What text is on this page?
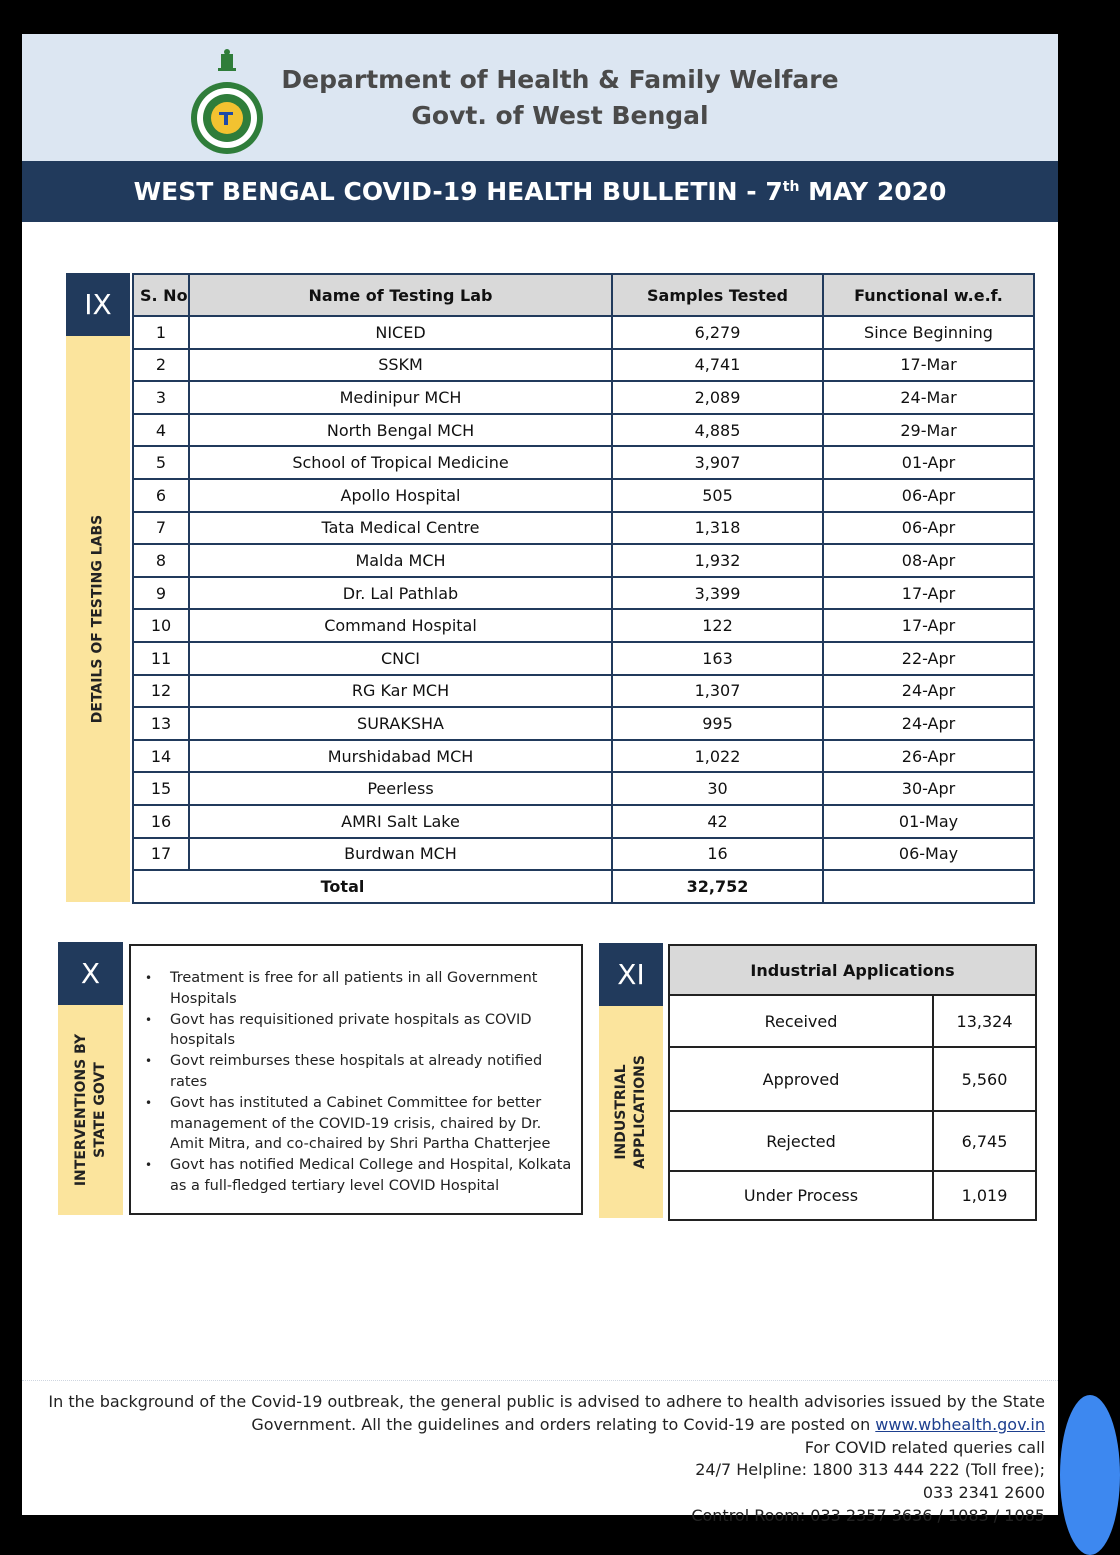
Department of Health & Family Welfare
Govt. of West Bengal
WEST BENGAL COVID-19 HEALTH BULLETIN - 7th MAY 2020
IX
DETAILS OF TESTING LABS
S. No	Name of Testing Lab	Samples Tested	Functional w.e.f.
1	NICED	6,279	Since Beginning
2	SSKM	4,741	17-Mar
3	Medinipur MCH	2,089	24-Mar
4	North Bengal MCH	4,885	29-Mar
5	School of Tropical Medicine	3,907	01-Apr
6	Apollo Hospital	505	06-Apr
7	Tata Medical Centre	1,318	06-Apr
8	Malda MCH	1,932	08-Apr
9	Dr. Lal Pathlab	3,399	17-Apr
10	Command Hospital	122	17-Apr
11	CNCI	163	22-Apr
12	RG Kar MCH	1,307	24-Apr
13	SURAKSHA	995	24-Apr
14	Murshidabad MCH	1,022	26-Apr
15	Peerless	30	30-Apr
16	AMRI Salt Lake	42	01-May
17	Burdwan MCH	16	06-May
Total		32,752	
X
INTERVENTIONS BY STATE GOVT
• Treatment is free for all patients in all Government Hospitals
• Govt has requisitioned private hospitals as COVID hospitals
• Govt reimburses these hospitals at already notified rates
• Govt has instituted a Cabinet Committee for better management of the COVID-19 crisis, chaired by Dr. Amit Mitra, and co-chaired by Shri Partha Chatterjee
• Govt has notified Medical College and Hospital, Kolkata as a full-fledged tertiary level COVID Hospital
XI
INDUSTRIAL APPLICATIONS
Industrial Applications	
Received	13,324
Approved	5,560
Rejected	6,745
Under Process	1,019
In the background of the Covid-19 outbreak, the general public is advised to adhere to health advisories issued by the State
Government. All the guidelines and orders relating to Covid-19 are posted on www.wbhealth.gov.in
For COVID related queries call
24/7 Helpline: 1800 313 444 222 (Toll free);
033 2341 2600
Control Room: 033 2357 3636 / 1083 / 1085
